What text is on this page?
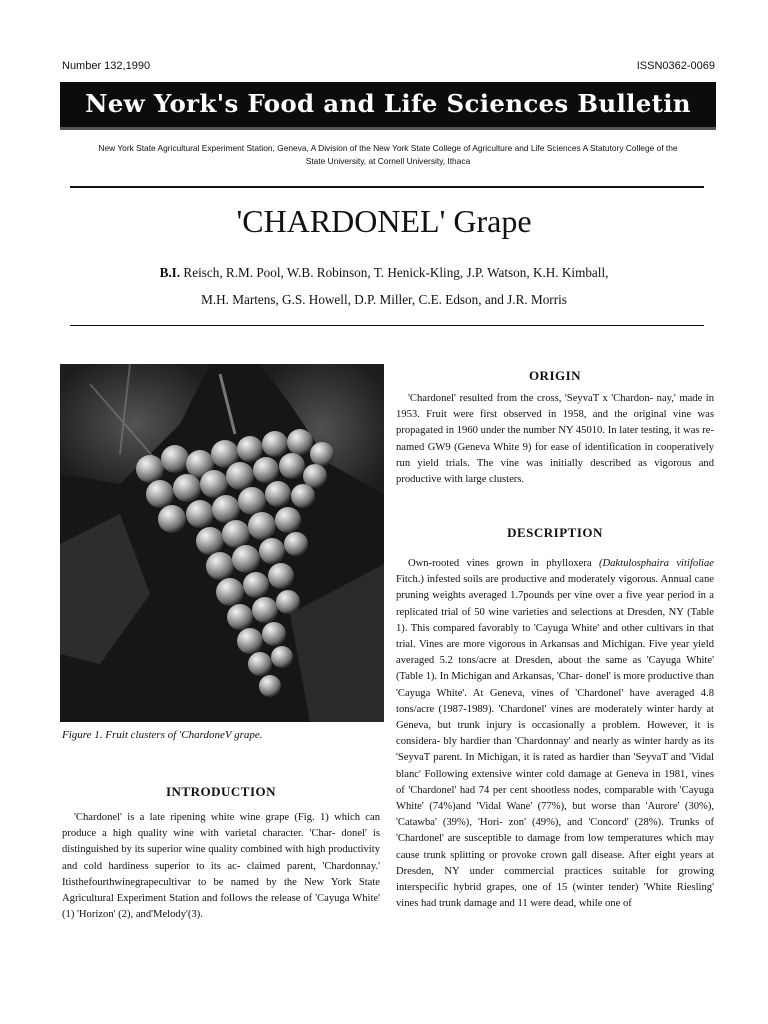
Number 132,1990	ISSN0362-0069
New York's Food and Life Sciences Bulletin
New York State Agricultural Experiment Station, Geneva, A Division of the New York State College of Agriculture and Life Sciences A Statutory College of the State University, at Cornell University, Ithaca
'CHARDONEL' Grape
B.I. Reisch, R.M. Pool, W.B. Robinson, T. Henick-Kling, J.P. Watson, K.H. Kimball,
M.H. Martens, G.S. Howell, D.P. Miller, C.E. Edson, and J.R. Morris
Figure 1. Fruit clusters of 'ChardoneV grape.
INTRODUCTION
'Chardonel' is a late ripening white wine grape (Fig. 1) which can produce a high quality wine with varietal character. 'Char- donel' is distinguished by its superior wine quality combined with high productivity and cold hardiness superior to its ac- claimed parent, 'Chardonnay.' Itisthefourthwinegrapecultivar to be named by the New York State Agricultural Experiment Station and follows the release of 'Cayuga White' (1) 'Horizon' (2), and'Melody'(3).
ORIGIN
'Chardonel' resulted from the cross, 'SeyvaT x 'Chardon- nay,' made in 1953. Fruit were first observed in 1958, and the original vine was propagated in 1960 under the number NY 45010. In later testing, it was re-named GW9 (Geneva White 9) for ease of identification in cooperatively run yield trials. The vine was initially described as vigorous and productive with large clusters.
DESCRIPTION
Own-rooted vines grown in phylloxera (Daktulosphaira vitifoliae Fitch.) infested soils are productive and moderately vigorous. Annual cane pruning weights averaged 1.7pounds per vine over a five year period in a replicated trial of 50 wine varieties and selections at Dresden, NY (Table 1). This compared favorably to 'Cayuga White' and other cultivars in that trial. Vines are more vigorous in Arkansas and Michigan. Five year yield averaged 5.2 tons/acre at Dresden, about the same as 'Cayuga White' (Table 1). In Michigan and Arkansas, 'Char- donel' is more productive than 'Cayuga White'. At Geneva, vines of 'Chardonel' have averaged 4.8 tons/acre (1987-1989). 'Chardonel' vines are moderately winter hardy at Geneva, but trunk injury is occasionally a problem. However, it is considera- bly hardier than 'Chardonnay' and nearly as winter hardy as its 'SeyvaT parent. In Michigan, it is rated as hardier than 'SeyvaT and 'Vidal blanc' Following extensive winter cold damage at Geneva in 1981, vines of 'Chardonel' had 74 per cent shootless nodes, comparable with 'Cayuga White' (74%)and 'Vidal Wane' (77%), but worse than 'Aurore' (30%), 'Catawba' (39%), 'Hori- zon' (49%), and 'Concord' (28%). Trunks of 'Chardonel' are susceptible to damage from low temperatures which may cause trunk splitting or provoke crown gall disease. After eight years at Dresden, NY under commercial practices suitable for growing interspecific hybrid grapes, one of 15 (winter tender) 'White Riesling' vines had trunk damage and 11 were dead, while one of
